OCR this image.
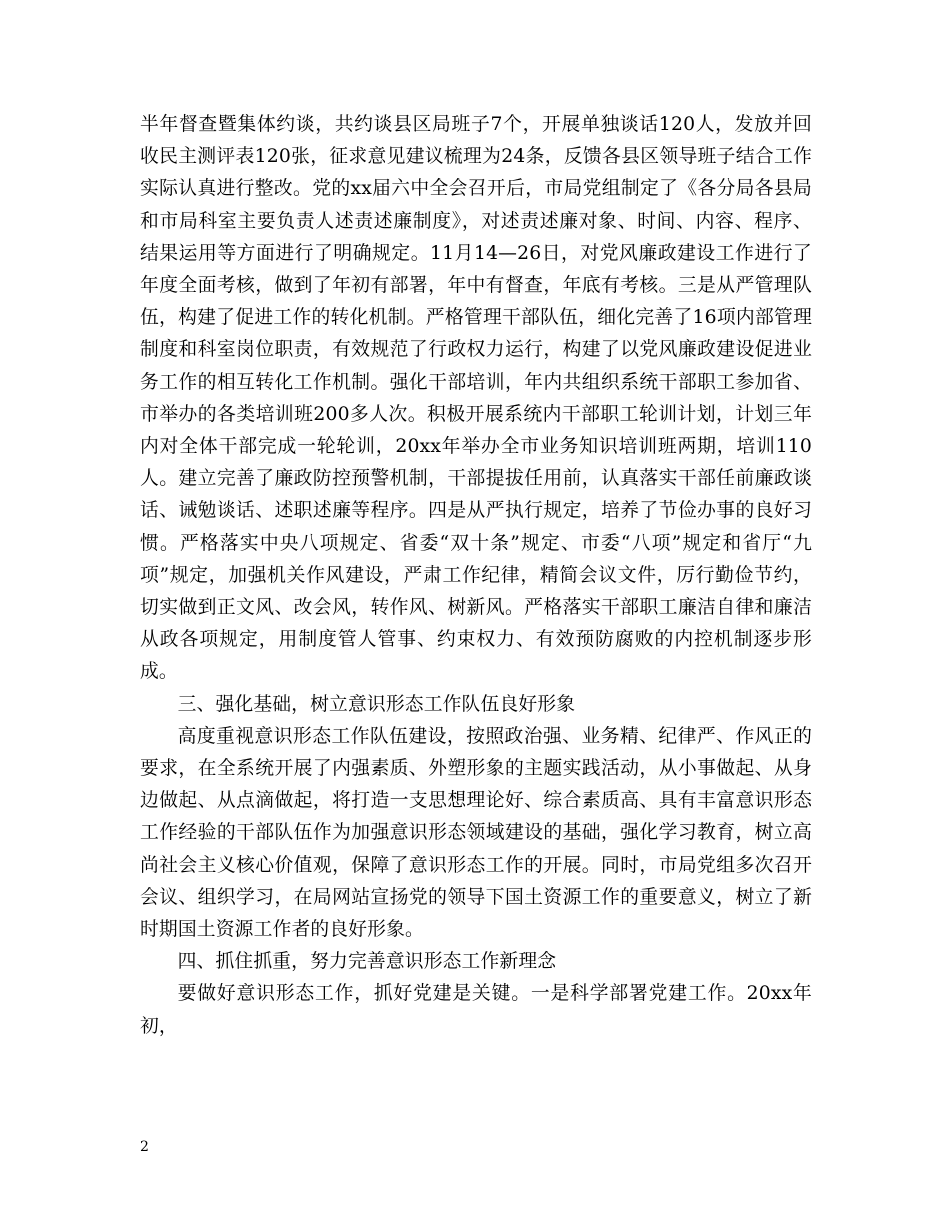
半年督查暨集体约谈，共约谈县区局班子7个，开展单独谈话120人，发放并回收民主测评表120张，征求意见建议梳理为24条，反馈各县区领导班子结合工作实际认真进行整改。党的xx届六中全会召开后，市局党组制定了《各分局各县局和市局科室主要负责人述责述廉制度》，对述责述廉对象、时间、内容、程序、结果运用等方面进行了明确规定。11月14—26日，对党风廉政建设工作进行了年度全面考核，做到了年初有部署，年中有督查，年底有考核。三是从严管理队伍，构建了促进工作的转化机制。严格管理干部队伍，细化完善了16项内部管理制度和科室岗位职责，有效规范了行政权力运行，构建了以党风廉政建设促进业务工作的相互转化工作机制。强化干部培训，年内共组织系统干部职工参加省、市举办的各类培训班200多人次。积极开展系统内干部职工轮训计划，计划三年内对全体干部完成一轮轮训，20xx年举办全市业务知识培训班两期，培训110人。建立完善了廉政防控预警机制，干部提拔任用前，认真落实干部任前廉政谈话、诫勉谈话、述职述廉等程序。四是从严执行规定，培养了节俭办事的良好习惯。严格落实中央八项规定、省委“双十条”规定、市委“八项”规定和省厅“九项”规定，加强机关作风建设，严肃工作纪律，精简会议文件，厉行勤俭节约，切实做到正文风、改会风，转作风、树新风。严格落实干部职工廉洁自律和廉洁从政各项规定，用制度管人管事、约束权力、有效预防腐败的内控机制逐步形成。

三、强化基础，树立意识形态工作队伍良好形象

高度重视意识形态工作队伍建设，按照政治强、业务精、纪律严、作风正的要求，在全系统开展了内强素质、外塑形象的主题实践活动，从小事做起、从身边做起、从点滴做起，将打造一支思想理论好、综合素质高、具有丰富意识形态工作经验的干部队伍作为加强意识形态领域建设的基础，强化学习教育，树立高尚社会主义核心价值观，保障了意识形态工作的开展。同时，市局党组多次召开会议、组织学习，在局网站宣扬党的领导下国土资源工作的重要意义，树立了新时期国土资源工作者的良好形象。

四、抓住抓重，努力完善意识形态工作新理念

要做好意识形态工作，抓好党建是关键。一是科学部署党建工作。20xx年初，

2
